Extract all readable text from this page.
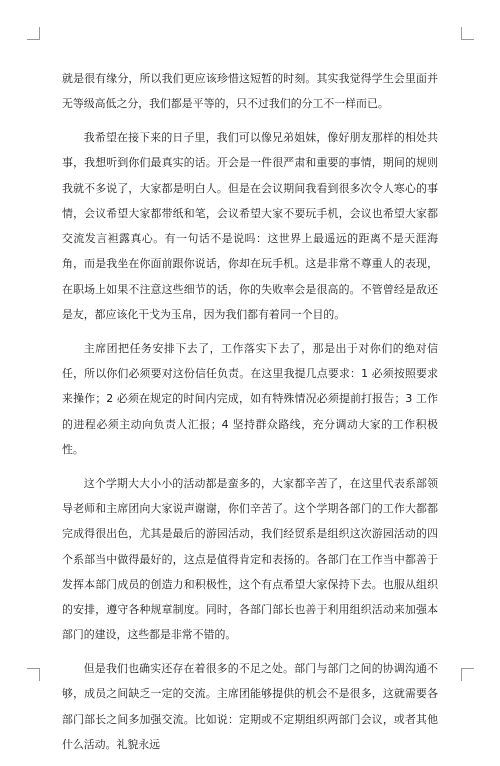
就是很有缘分，所以我们更应该珍惜这短暂的时刻。其实我觉得学生会里面并无等级高低之分，我们都是平等的，只不过我们的分工不一样而已。

我希望在接下来的日子里，我们可以像兄弟姐妹，像好朋友那样的相处共事，我想听到你们最真实的话。开会是一件很严肃和重要的事情，期间的规则我就不多说了，大家都是明白人。但是在会议期间我看到很多次令人寒心的事情，会议希望大家都带纸和笔，会议希望大家不要玩手机，会议也希望大家都交流发言袒露真心。有一句话不是说吗：这世界上最遥远的距离不是天涯海角，而是我坐在你面前跟你说话，你却在玩手机。这是非常不尊重人的表现，在职场上如果不注意这些细节的话，你的失败率会是很高的。不管曾经是敌还是友，都应该化干戈为玉帛，因为我们都有着同一个目的。

主席团把任务安排下去了，工作落实下去了，那是出于对你们的绝对信任，所以你们必须要对这份信任负责。在这里我提几点要求：1 必须按照要求来操作；2 必须在规定的时间内完成，如有特殊情况必须提前打报告；3 工作的进程必须主动向负责人汇报；4 坚持群众路线，充分调动大家的工作积极性。

这个学期大大小小的活动都是蛮多的，大家都辛苦了，在这里代表系部领导老师和主席团向大家说声谢谢，你们辛苦了。这个学期各部门的工作大都都完成得很出色，尤其是最后的游园活动，我们经贸系是组织这次游园活动的四个系部当中做得最好的，这点是值得肯定和表扬的。各部门在工作当中都善于发挥本部门成员的创造力和积极性，这个有点希望大家保持下去。也服从组织的安排，遵守各种规章制度。同时，各部门部长也善于利用组织活动来加强本部门的建设，这些都是非常不错的。

但是我们也确实还存在着很多的不足之处。部门与部门之间的协调沟通不够，成员之间缺乏一定的交流。主席团能够提供的机会不是很多，这就需要各部门部长之间多加强交流。比如说：定期或不定期组织两部门会议，或者其他什么活动。礼貌永远
